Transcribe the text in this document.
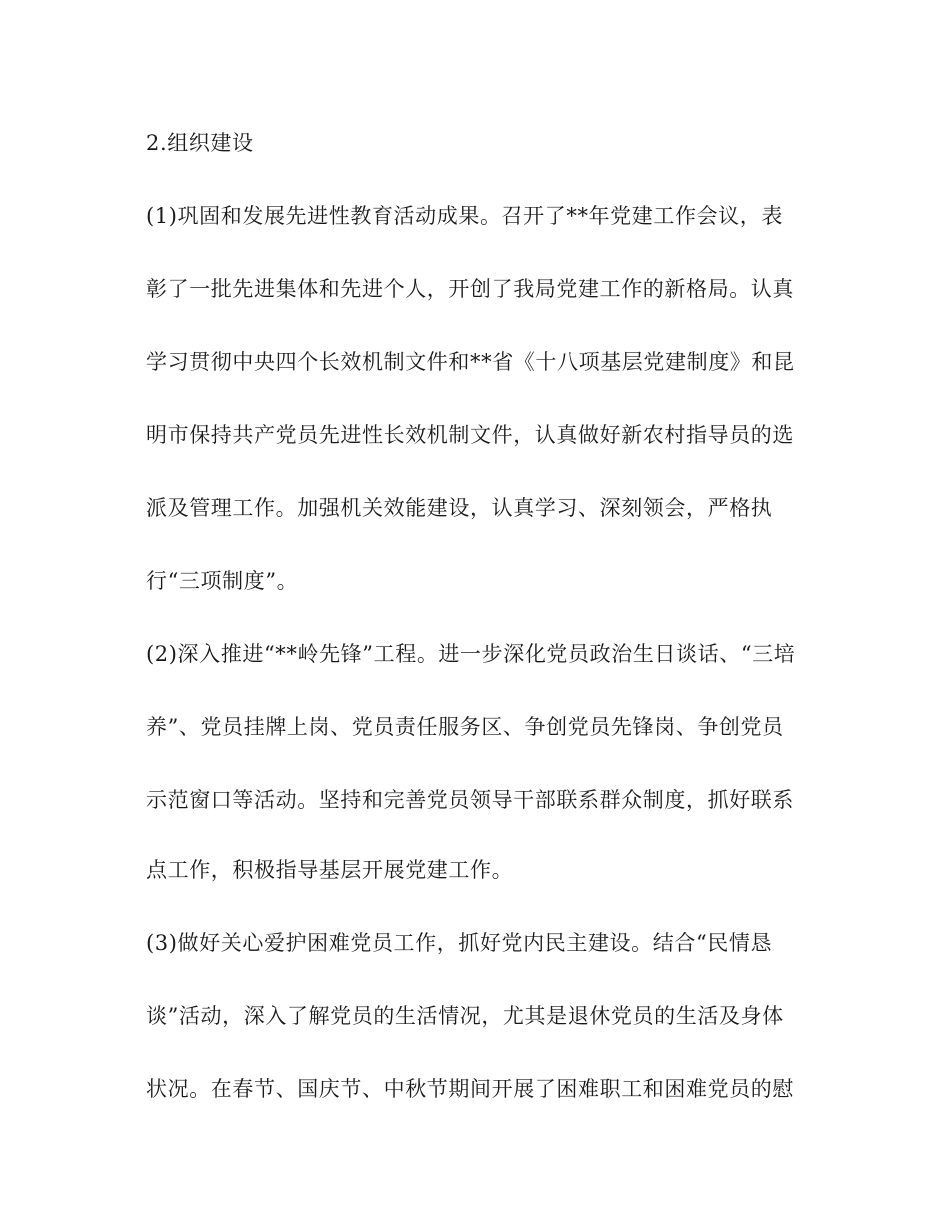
2.组织建设
(1)巩固和发展先进性教育活动成果。召开了**年党建工作会议，表
彰了一批先进集体和先进个人，开创了我局党建工作的新格局。认真
学习贯彻中央四个长效机制文件和**省《十八项基层党建制度》和昆
明市保持共产党员先进性长效机制文件，认真做好新农村指导员的选
派及管理工作。加强机关效能建设，认真学习、深刻领会，严格执
行“三项制度”。
(2)深入推进“**岭先锋”工程。进一步深化党员政治生日谈话、“三培
养”、党员挂牌上岗、党员责任服务区、争创党员先锋岗、争创党员
示范窗口等活动。坚持和完善党员领导干部联系群众制度，抓好联系
点工作，积极指导基层开展党建工作。
(3)做好关心爱护困难党员工作，抓好党内民主建设。结合“民情恳
谈”活动，深入了解党员的生活情况，尤其是退休党员的生活及身体
状况。在春节、国庆节、中秋节期间开展了困难职工和困难党员的慰
